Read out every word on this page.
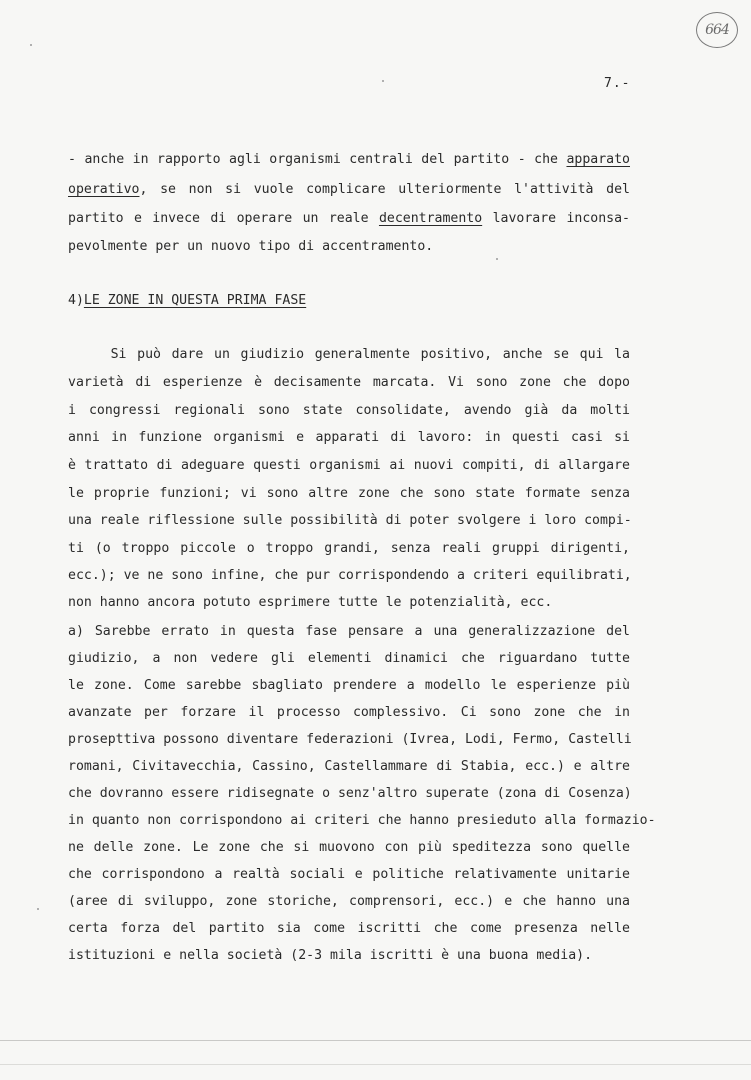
664
7.-
- anche in rapporto agli organismi centrali del partito - che apparato
operativo, se non si vuole complicare ulteriormente l'attività del
partito e invece di operare un reale decentramento lavorare inconsa-
pevolmente per un nuovo tipo di accentramento.
4)LE ZONE IN QUESTA PRIMA FASE
Si può dare un giudizio generalmente positivo, anche se qui la
varietà di esperienze è decisamente marcata. Vi sono zone che dopo
i congressi regionali sono state consolidate, avendo già da molti
anni in funzione organismi e apparati di lavoro: in questi casi si
è trattato di adeguare questi organismi ai nuovi compiti, di allargare
le proprie funzioni; vi sono altre zone che sono state formate senza
una reale riflessione sulle possibilità di poter svolgere i loro compi-
ti (o troppo piccole o troppo grandi, senza reali gruppi dirigenti,
ecc.); ve ne sono infine, che pur corrispondendo a criteri equilibrati,
non hanno ancora potuto esprimere tutte le potenzialità, ecc.
a) Sarebbe errato in questa fase pensare a una generalizzazione del
giudizio, a non vedere gli elementi dinamici che riguardano tutte
le zone. Come sarebbe sbagliato prendere a modello le esperienze più
avanzate per forzare il processo complessivo. Ci sono zone che in
prosepttiva possono diventare federazioni (Ivrea, Lodi, Fermo, Castelli
romani, Civitavecchia, Cassino, Castellammare di Stabia, ecc.) e altre
che dovranno essere ridisegnate o senz'altro superate (zona di Cosenza)
in quanto non corrispondono ai criteri che hanno presieduto alla formazio-
ne delle zone. Le zone che si muovono con più speditezza sono quelle
che corrispondono a realtà sociali e politiche relativamente unitarie
(aree di sviluppo, zone storiche, comprensori, ecc.) e che hanno una
certa forza del partito sia come iscritti che come presenza nelle
istituzioni e nella società (2-3 mila iscritti è una buona media).
